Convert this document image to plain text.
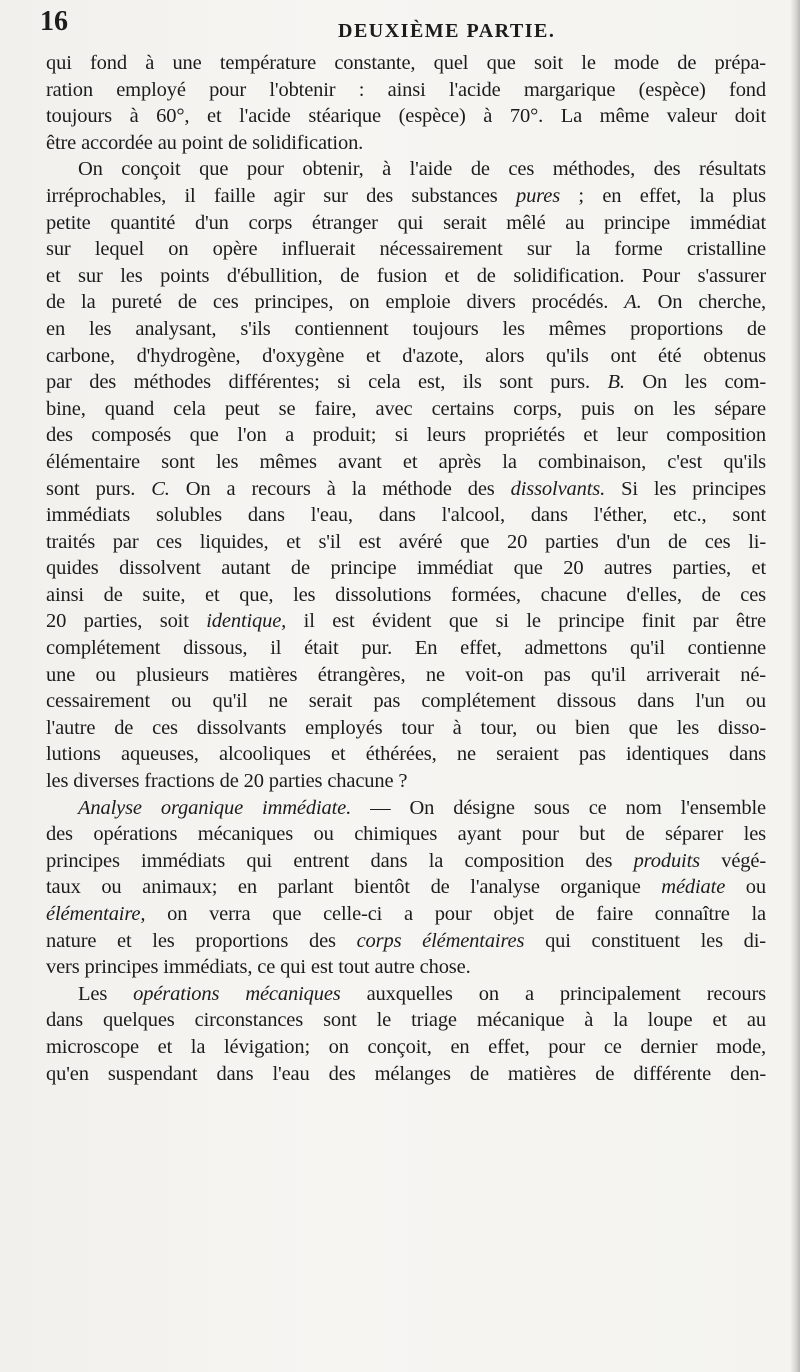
16	DEUXIÈME PARTIE.
qui fond à une température constante, quel que soit le mode de prépa-
ration employé pour l'obtenir : ainsi l'acide margarique (espèce) fond
toujours à 60°, et l'acide stéarique (espèce) à 70°. La même valeur doit
être accordée au point de solidification.
On conçoit que pour obtenir, à l'aide de ces méthodes, des résultats
irréprochables, il faille agir sur des substances pures ; en effet, la plus
petite quantité d'un corps étranger qui serait mêlé au principe immédiat
sur lequel on opère influerait nécessairement sur la forme cristalline
et sur les points d'ébullition, de fusion et de solidification. Pour s'assurer
de la pureté de ces principes, on emploie divers procédés. A. On cherche,
en les analysant, s'ils contiennent toujours les mêmes proportions de
carbone, d'hydrogène, d'oxygène et d'azote, alors qu'ils ont été obtenus
par des méthodes différentes; si cela est, ils sont purs. B. On les com-
bine, quand cela peut se faire, avec certains corps, puis on les sépare
des composés que l'on a produit; si leurs propriétés et leur composition
élémentaire sont les mêmes avant et après la combinaison, c'est qu'ils
sont purs. C. On a recours à la méthode des dissolvants. Si les principes
immédiats solubles dans l'eau, dans l'alcool, dans l'éther, etc., sont
traités par ces liquides, et s'il est avéré que 20 parties d'un de ces li-
quides dissolvent autant de principe immédiat que 20 autres parties, et
ainsi de suite, et que, les dissolutions formées, chacune d'elles, de ces
20 parties, soit identique, il est évident que si le principe finit par être
complétement dissous, il était pur. En effet, admettons qu'il contienne
une ou plusieurs matières étrangères, ne voit-on pas qu'il arriverait né-
cessairement ou qu'il ne serait pas complétement dissous dans l'un ou
l'autre de ces dissolvants employés tour à tour, ou bien que les disso-
lutions aqueuses, alcooliques et éthérées, ne seraient pas identiques dans
les diverses fractions de 20 parties chacune ?
Analyse organique immédiate. — On désigne sous ce nom l'ensemble
des opérations mécaniques ou chimiques ayant pour but de séparer les
principes immédiats qui entrent dans la composition des produits végé-
taux ou animaux; en parlant bientôt de l'analyse organique médiate ou
élémentaire, on verra que celle-ci a pour objet de faire connaître la
nature et les proportions des corps élémentaires qui constituent les di-
vers principes immédiats, ce qui est tout autre chose.
Les opérations mécaniques auxquelles on a principalement recours
dans quelques circonstances sont le triage mécanique à la loupe et au
microscope et la lévigation; on conçoit, en effet, pour ce dernier mode,
qu'en suspendant dans l'eau des mélanges de matières de différente den-
